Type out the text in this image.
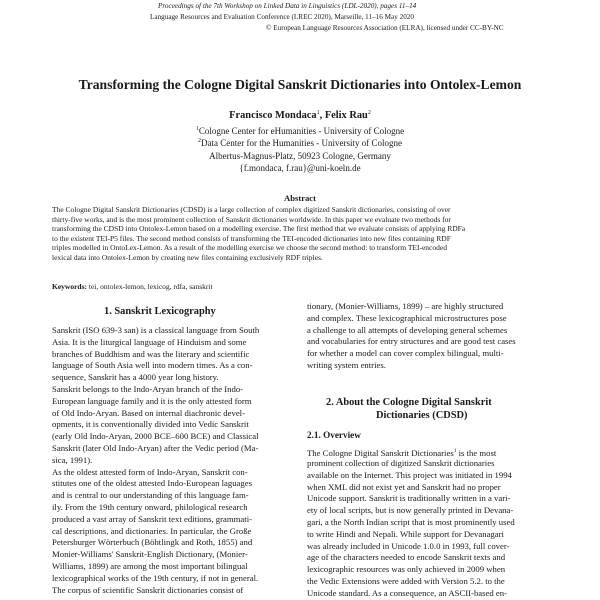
Proceedings of the 7th Workshop on Linked Data in Linguistics (LDL-2020), pages 11–14
Language Resources and Evaluation Conference (LREC 2020), Marseille, 11–16 May 2020
© European Language Resources Association (ELRA), licensed under CC-BY-NC
Transforming the Cologne Digital Sanskrit Dictionaries into Ontolex-Lemon
Francisco Mondaca$^1$, Felix Rau$^2$
$^1$Cologne Center for eHumanities - University of Cologne
$^2$Data Center for the Humanities - University of Cologne
Albertus-Magnus-Platz, 50923 Cologne, Germany
{f.mondaca, f.rau}@uni-koeln.de
Abstract
The Cologne Digital Sanskrit Dictionaries (CDSD) is a large collection of complex digitized Sanskrit dictionaries, consisting of over
thirty-five works, and is the most prominent collection of Sanskrit dictionaries worldwide. In this paper we evaluate two methods for
transforming the CDSD into Ontolex-Lemon based on a modelling exercise. The first method that we evaluate consists of applying RDFa
to the existent TEI-P5 files. The second method consists of transforming the TEI-encoded dictionaries into new files containing RDF
triples modelled in OntoLex-Lemon. As a result of the modelling exercise we choose the second method: to transform TEI-encoded
lexical data into Ontolex-Lemon by creating new files containing exclusively RDF triples.
Keywords: tei, ontolex-lemon, lexicog, rdfa, sanskrit
1. Sanskrit Lexicography
Sanskrit (ISO 639-3 san) is a classical language from South
Asia. It is the liturgical language of Hinduism and some
branches of Buddhism and was the literary and scientific
language of South Asia well into modern times. As a con-
sequence, Sanskrit has a 4000 year long history.
Sanskrit belongs to the Indo-Aryan branch of the Indo-
European language family and it is the only attested form
of Old Indo-Aryan. Based on internal diachronic devel-
opments, it is conventionally divided into Vedic Sanskrit
(early Old Indo-Aryan, 2000 BCE–600 BCE) and Classical
Sanskrit (later Old Indo-Aryan) after the Vedic period (Ma-
sica, 1991).
As the oldest attested form of Indo-Aryan, Sanskrit con-
stitutes one of the oldest attested Indo-European laguages
and is central to our understanding of this language fam-
ily. From the 19th century onward, philological research
produced a vast array of Sanskrit text editions, grammati-
cal descriptions, and dictionaries. In particular, the Große
Petersburger Wörterbuch (Böhtlingk and Roth, 1855) and
Monier-Williams' Sanskrit-English Dictionary, (Monier-
Williams, 1899) are among the most important bilingual
lexicographical works of the 19th century, if not in general.
The corpus of scientific Sanskrit dictionaries consist of
tionary, (Monier-Williams, 1899) – are highly structured
and complex. These lexicographical microstructures pose
a challenge to all attempts of developing general schemes
and vocabularies for entry structures and are good test cases
for whether a model can cover complex bilingual, multi-
writing system entries.
2. About the Cologne Digital Sanskrit
Dictionaries (CDSD)
2.1. Overview
The Cologne Digital Sanskrit Dictionaries$^1$ is the most
prominent collection of digitized Sanskrit dictionaries
available on the Internet. This project was initiated in 1994
when XML did not exist yet and Sanskrit had no proper
Unicode support. Sanskrit is traditionally written in a vari-
ety of local scripts, but is now generally printed in Devana-
gari, a the North Indian script that is most prominently used
to write Hindi and Nepali. While support for Devanagari
was already included in Unicode 1.0.0 in 1993, full cover-
age of the characters needed to encode Sanskrit texts and
lexicographic resources was only achieved in 2009 when
the Vedic Extensions were added with Version 5.2. to the
Unicode standard. As a consequence, an ASCII-based en-
